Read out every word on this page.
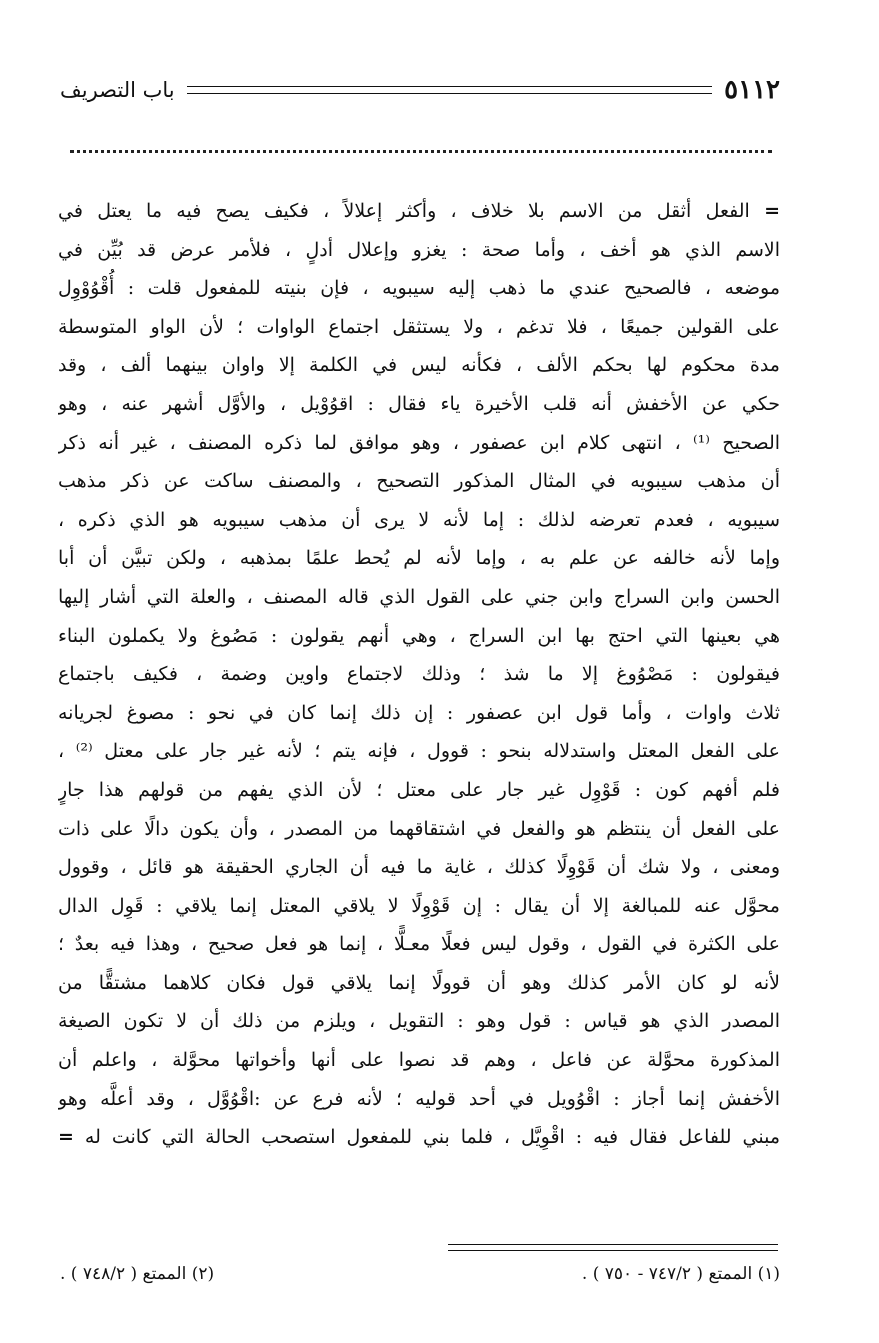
٥١١٢
باب التصريف
= الفعل أثقل من الاسم بلا خلاف ، وأكثر إعلالاً ، فكيف يصح فيه ما يعتل في
الاسم الذي هو أخف ، وأما صحة : يغزو وإعلال أدلٍ ، فلأمر عرض قد بُيِّن في
موضعه ، فالصحيح عندي ما ذهب إليه سيبويه ، فإن بنيته للمفعول قلت : أُقْوُوْوِل
على القولين جميعًا ، فلا تدغم ، ولا يستثقل اجتماع الواوات ؛ لأن الواو المتوسطة
مدة محكوم لها بحكم الألف ، فكأنه ليس في الكلمة إلا واوان بينهما ألف ، وقد
حكي عن الأخفش أنه قلب الأخيرة ياء فقال : اقوُوْيل ، والأوَّل أشهر عنه ، وهو
الصحيح ⁽¹⁾ ، انتهى كلام ابن عصفور ، وهو موافق لما ذكره المصنف ، غير أنه ذكر
أن مذهب سيبويه في المثال المذكور التصحيح ، والمصنف ساكت عن ذكر مذهب
سيبويه ، فعدم تعرضه لذلك : إما لأنه لا يرى أن مذهب سيبويه هو الذي ذكره ،
وإما لأنه خالفه عن علم به ، وإما لأنه لم يُحط علمًا بمذهبه ، ولكن تبيَّن أن أبا
الحسن وابن السراج وابن جني على القول الذي قاله المصنف ، والعلة التي أشار إليها
هي بعينها التي احتج بها ابن السراج ، وهي أنهم يقولون : مَصُوغ ولا يكملون البناء
فيقولون : مَصْوُوغ إلا ما شذ ؛ وذلك لاجتماع واوين وضمة ، فكيف باجتماع
ثلاث واوات ، وأما قول ابن عصفور : إن ذلك إنما كان في نحو : مصوغ لجريانه
على الفعل المعتل واستدلاله بنحو : قوول ، فإنه يتم ؛ لأنه غير جار على معتل ⁽²⁾ ،
فلم أفهم كون : قَوْوِل غير جار على معتل ؛ لأن الذي يفهم من قولهم هذا جارٍ
على الفعل أن ينتظم هو والفعل في اشتقاقهما من المصدر ، وأن يكون دالًا على ذات
ومعنى ، ولا شك أن قَوْوِلًا كذلك ، غاية ما فيه أن الجاري الحقيقة هو قائل ، وقوول
محوَّل عنه للمبالغة إلا أن يقال : إن قَوْوِلًا لا يلاقي المعتل إنما يلاقي : قَوِل الدال
على الكثرة في القول ، وقول ليس فعلًا معـلًّا ، إنما هو فعل صحيح ، وهذا فيه بعدٌ ؛
لأنه لو كان الأمر كذلك وهو أن قوولًا إنما يلاقي قول فكان كلاهما مشتقًّا من
المصدر الذي هو قياس : قول وهو : التقويل ، ويلزم من ذلك أن لا تكون الصيغة
المذكورة محوَّلة عن فاعل ، وهم قد نصوا على أنها وأخواتها محوَّلة ، واعلم أن
الأخفش إنما أجاز : اقْوُويل في أحد قوليه ؛ لأنه فرع عن :اقْوُوَّل ، وقد أعلَّه وهو
مبني للفاعل فقال فيه : اقْوِيَّل ، فلما بني للمفعول استصحب الحالة التي كانت له =
(١) الممتع ( ٧٤٧/٢ - ٧٥٠ ) .
(٢) الممتع ( ٧٤٨/٢ ) .
